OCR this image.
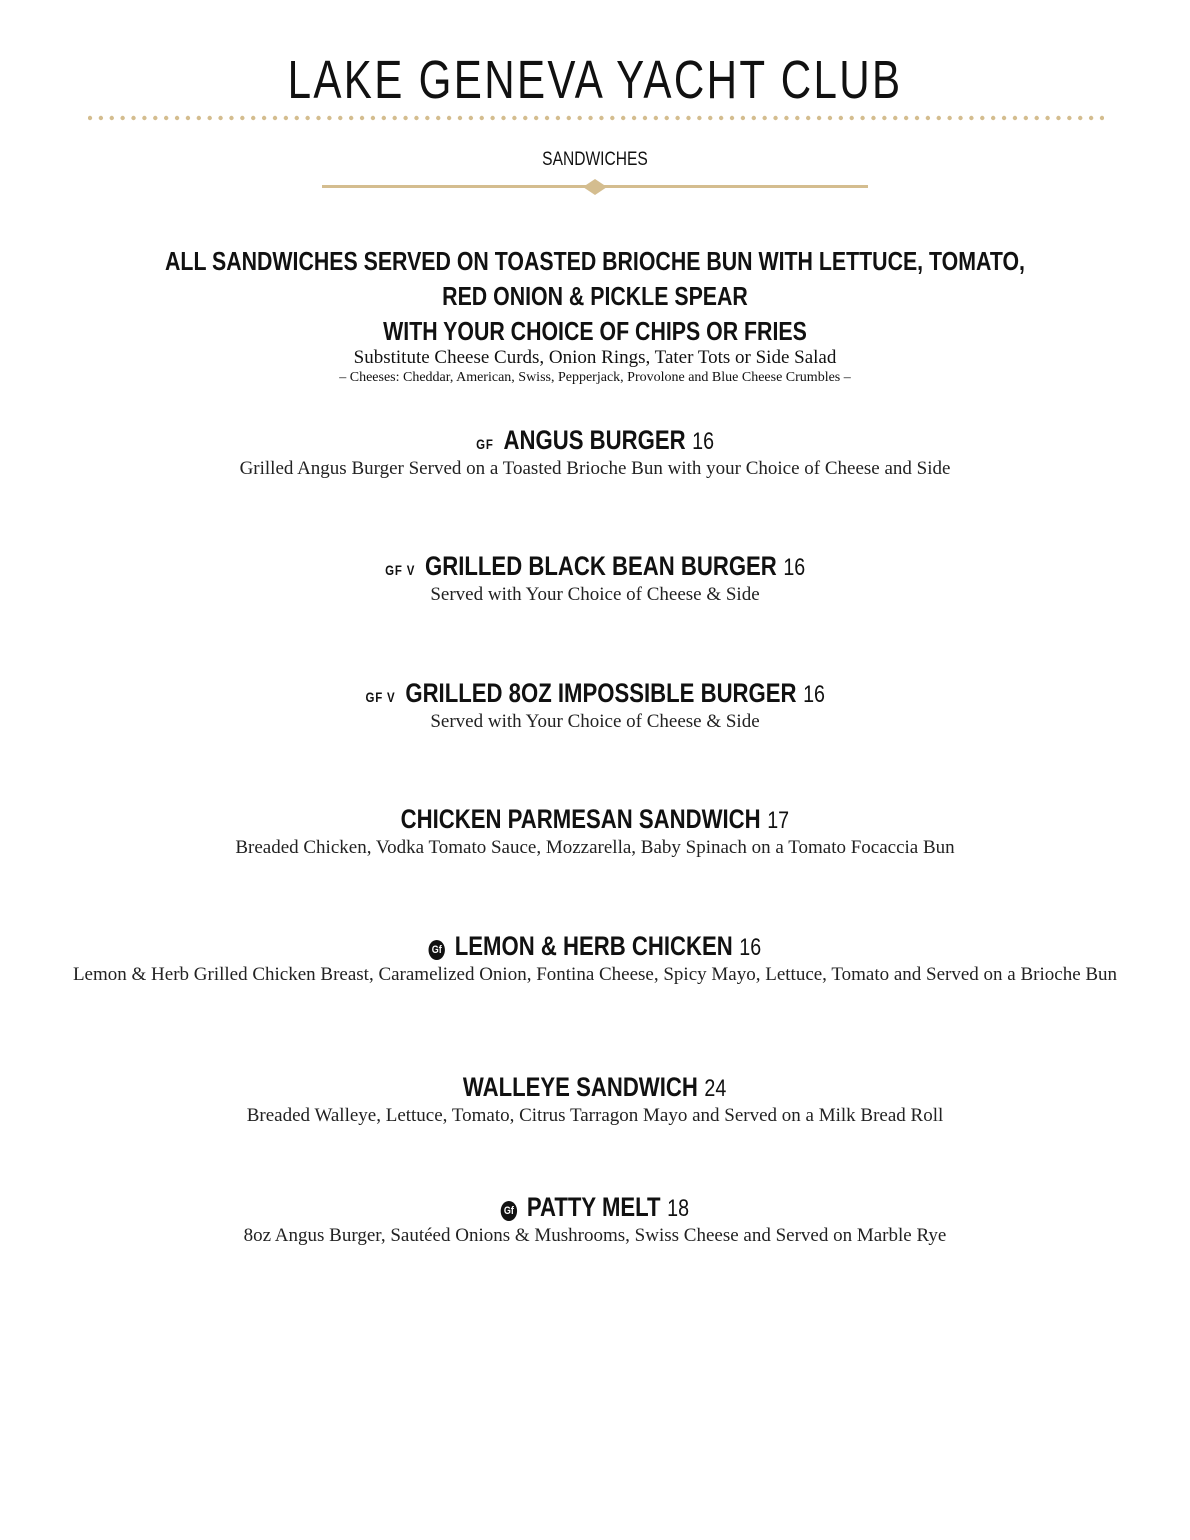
LAKE GENEVA YACHT CLUB
SANDWICHES

ALL SANDWICHES SERVED ON TOASTED BRIOCHE BUN WITH LETTUCE, TOMATO, RED ONION & PICKLE SPEAR

WITH YOUR CHOICE OF CHIPS OR FRIES

Substitute Cheese Curds, Onion Rings, Tater Tots or Side Salad

– Cheeses: Cheddar, American, Swiss, Pepperjack, Provolone and Blue Cheese Crumbles –

GF ANGUS BURGER 16

Grilled Angus Burger Served on a Toasted Brioche Bun with your Choice of Cheese and Side

GF V GRILLED BLACK BEAN BURGER 16

Served with Your Choice of Cheese & Side

GF V GRILLED 8OZ IMPOSSIBLE BURGER 16

Served with Your Choice of Cheese & Side

CHICKEN PARMESAN SANDWICH 17

Breaded Chicken, Vodka Tomato Sauce, Mozzarella, Baby Spinach on a Tomato Focaccia Bun

Gf LEMON & HERB CHICKEN 16

Lemon & Herb Grilled Chicken Breast, Caramelized Onion, Fontina Cheese, Spicy Mayo, Lettuce, Tomato and Served on a Brioche Bun

WALLEYE SANDWICH 24

Breaded Walleye, Lettuce, Tomato, Citrus Tarragon Mayo and Served on a Milk Bread Roll

Gf PATTY MELT 18

8oz Angus Burger, Sautéed Onions & Mushrooms, Swiss Cheese and Served on Marble Rye
